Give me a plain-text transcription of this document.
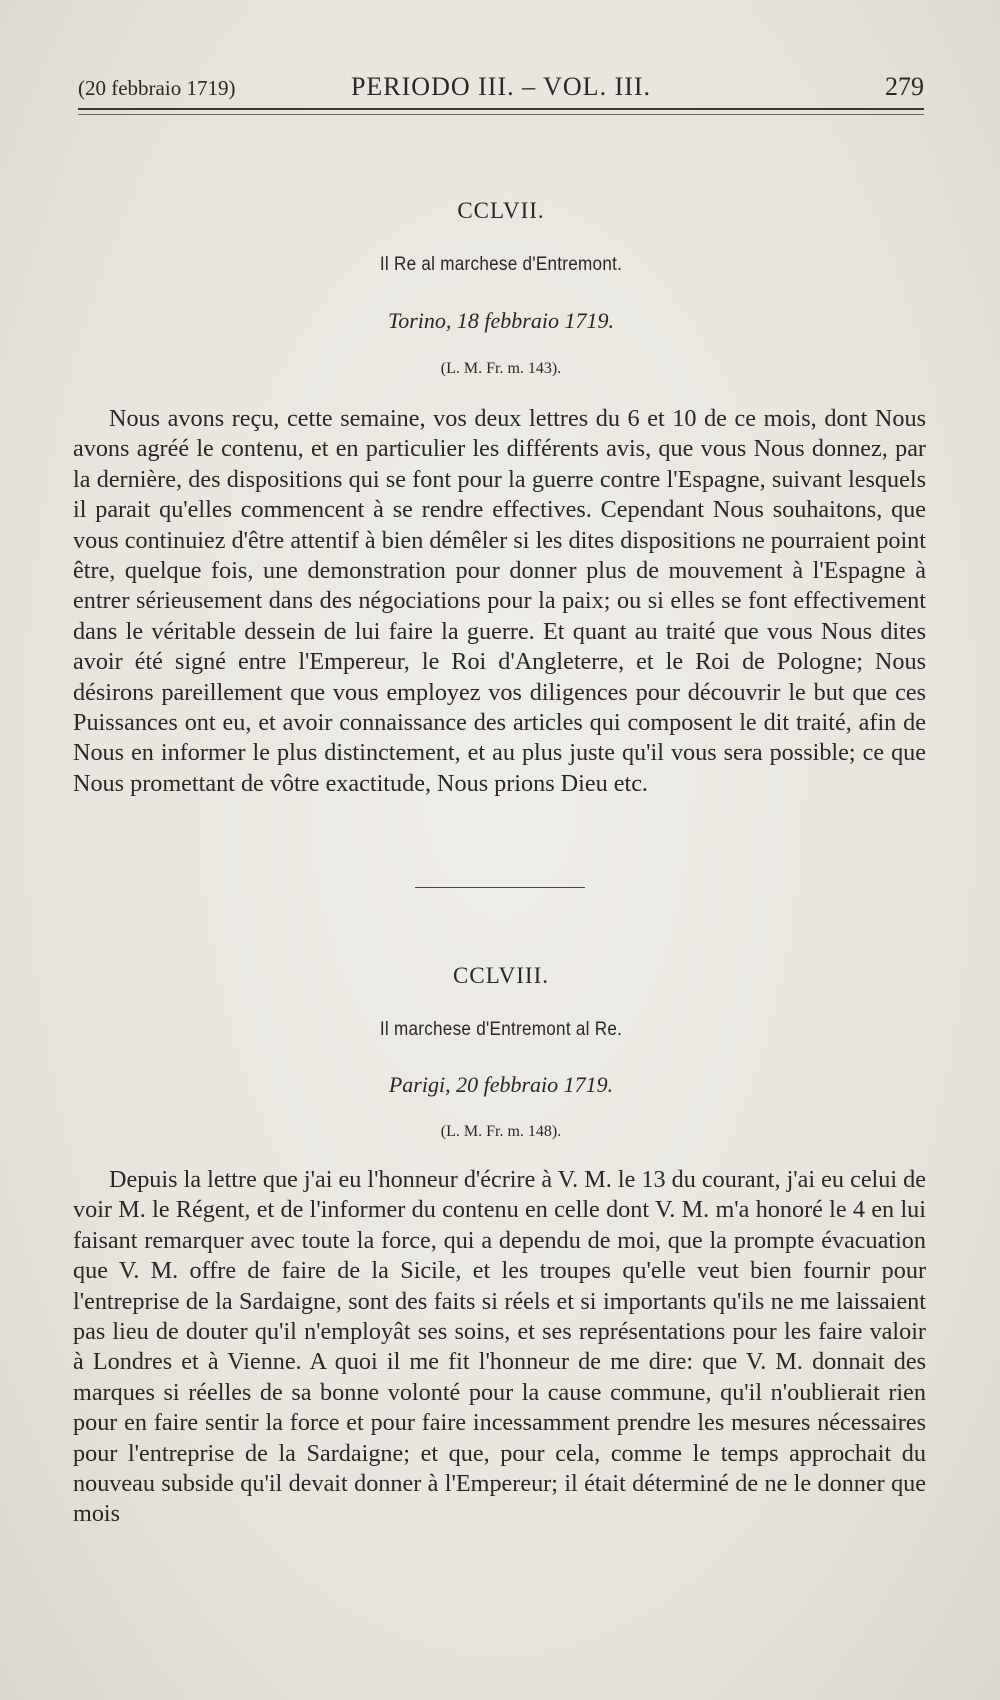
(20 febbraio 1719)	PERIODO III. – VOL. III.	279
CCLVII.
Il Re al marchese d'Entremont.
Torino, 18 febbraio 1719.
(L. M. Fr. m. 143).

Nous avons reçu, cette semaine, vos deux lettres du 6 et 10 de ce mois, dont Nous avons agréé le contenu, et en particulier les différents avis, que vous Nous donnez, par la dernière, des dispositions qui se font pour la guerre contre l'Espagne, suivant lesquels il parait qu'elles commencent à se rendre effectives. Cependant Nous souhaitons, que vous continuiez d'être attentif à bien démêler si les dites dispositions ne pourraient point être, quelque fois, une demonstration pour donner plus de mouvement à l'Espagne à entrer sérieusement dans des négociations pour la paix; ou si elles se font effectivement dans le véritable dessein de lui faire la guerre. Et quant au traité que vous Nous dites avoir été signé entre l'Empereur, le Roi d'Angleterre, et le Roi de Pologne; Nous désirons pareillement que vous employez vos diligences pour découvrir le but que ces Puissances ont eu, et avoir connaissance des articles qui composent le dit traité, afin de Nous en informer le plus distinctement, et au plus juste qu'il vous sera possible; ce que Nous promettant de vôtre exactitude, Nous prions Dieu etc.

CCLVIII.
Il marchese d'Entremont al Re.
Parigi, 20 febbraio 1719.
(L. M. Fr. m. 148).

Depuis la lettre que j'ai eu l'honneur d'écrire à V. M. le 13 du courant, j'ai eu celui de voir M. le Régent, et de l'informer du contenu en celle dont V. M. m'a honoré le 4 en lui faisant remarquer avec toute la force, qui a dependu de moi, que la prompte évacuation que V. M. offre de faire de la Sicile, et les troupes qu'elle veut bien fournir pour l'entreprise de la Sardaigne, sont des faits si réels et si importants qu'ils ne me laissaient pas lieu de douter qu'il n'employât ses soins, et ses représentations pour les faire valoir à Londres et à Vienne. A quoi il me fit l'honneur de me dire: que V. M. donnait des marques si réelles de sa bonne volonté pour la cause commune, qu'il n'oublierait rien pour en faire sentir la force et pour faire incessamment prendre les mesures nécessaires pour l'entreprise de la Sardaigne; et que, pour cela, comme le temps approchait du nouveau subside qu'il devait donner à l'Empereur; il était déterminé de ne le donner que mois
